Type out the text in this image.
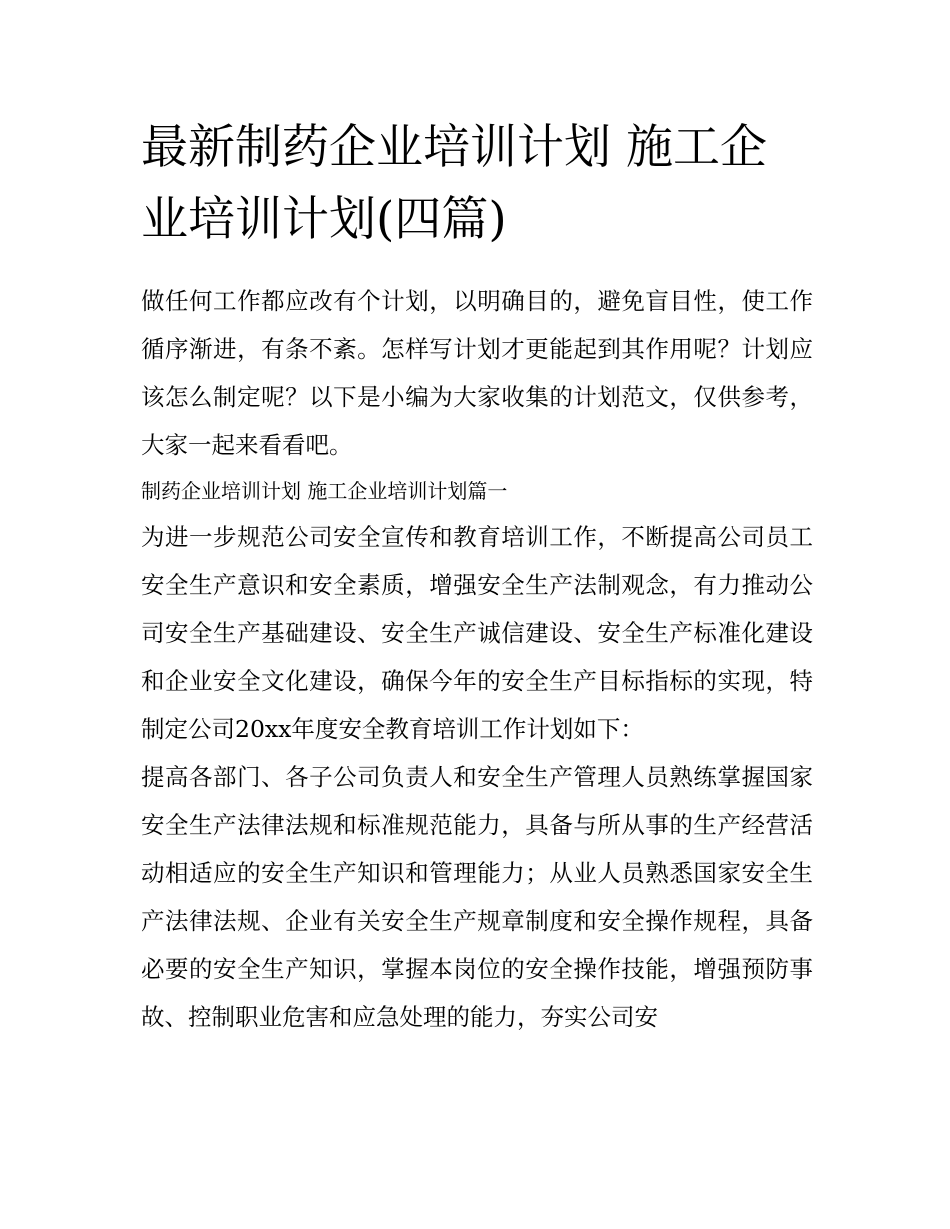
最新制药企业培训计划 施工企业培训计划(四篇)

做任何工作都应改有个计划，以明确目的，避免盲目性，使工作循序渐进，有条不紊。怎样写计划才更能起到其作用呢？计划应该怎么制定呢？以下是小编为大家收集的计划范文，仅供参考，大家一起来看看吧。

制药企业培训计划 施工企业培训计划篇一

为进一步规范公司安全宣传和教育培训工作，不断提高公司员工安全生产意识和安全素质，增强安全生产法制观念，有力推动公司安全生产基础建设、安全生产诚信建设、安全生产标准化建设和企业安全文化建设，确保今年的安全生产目标指标的实现，特制定公司20xx年度安全教育培训工作计划如下：

提高各部门、各子公司负责人和安全生产管理人员熟练掌握国家安全生产法律法规和标准规范能力，具备与所从事的生产经营活动相适应的安全生产知识和管理能力；从业人员熟悉国家安全生产法律法规、企业有关安全生产规章制度和安全操作规程，具备必要的安全生产知识，掌握本岗位的安全操作技能，增强预防事故、控制职业危害和应急处理的能力，夯实公司安
